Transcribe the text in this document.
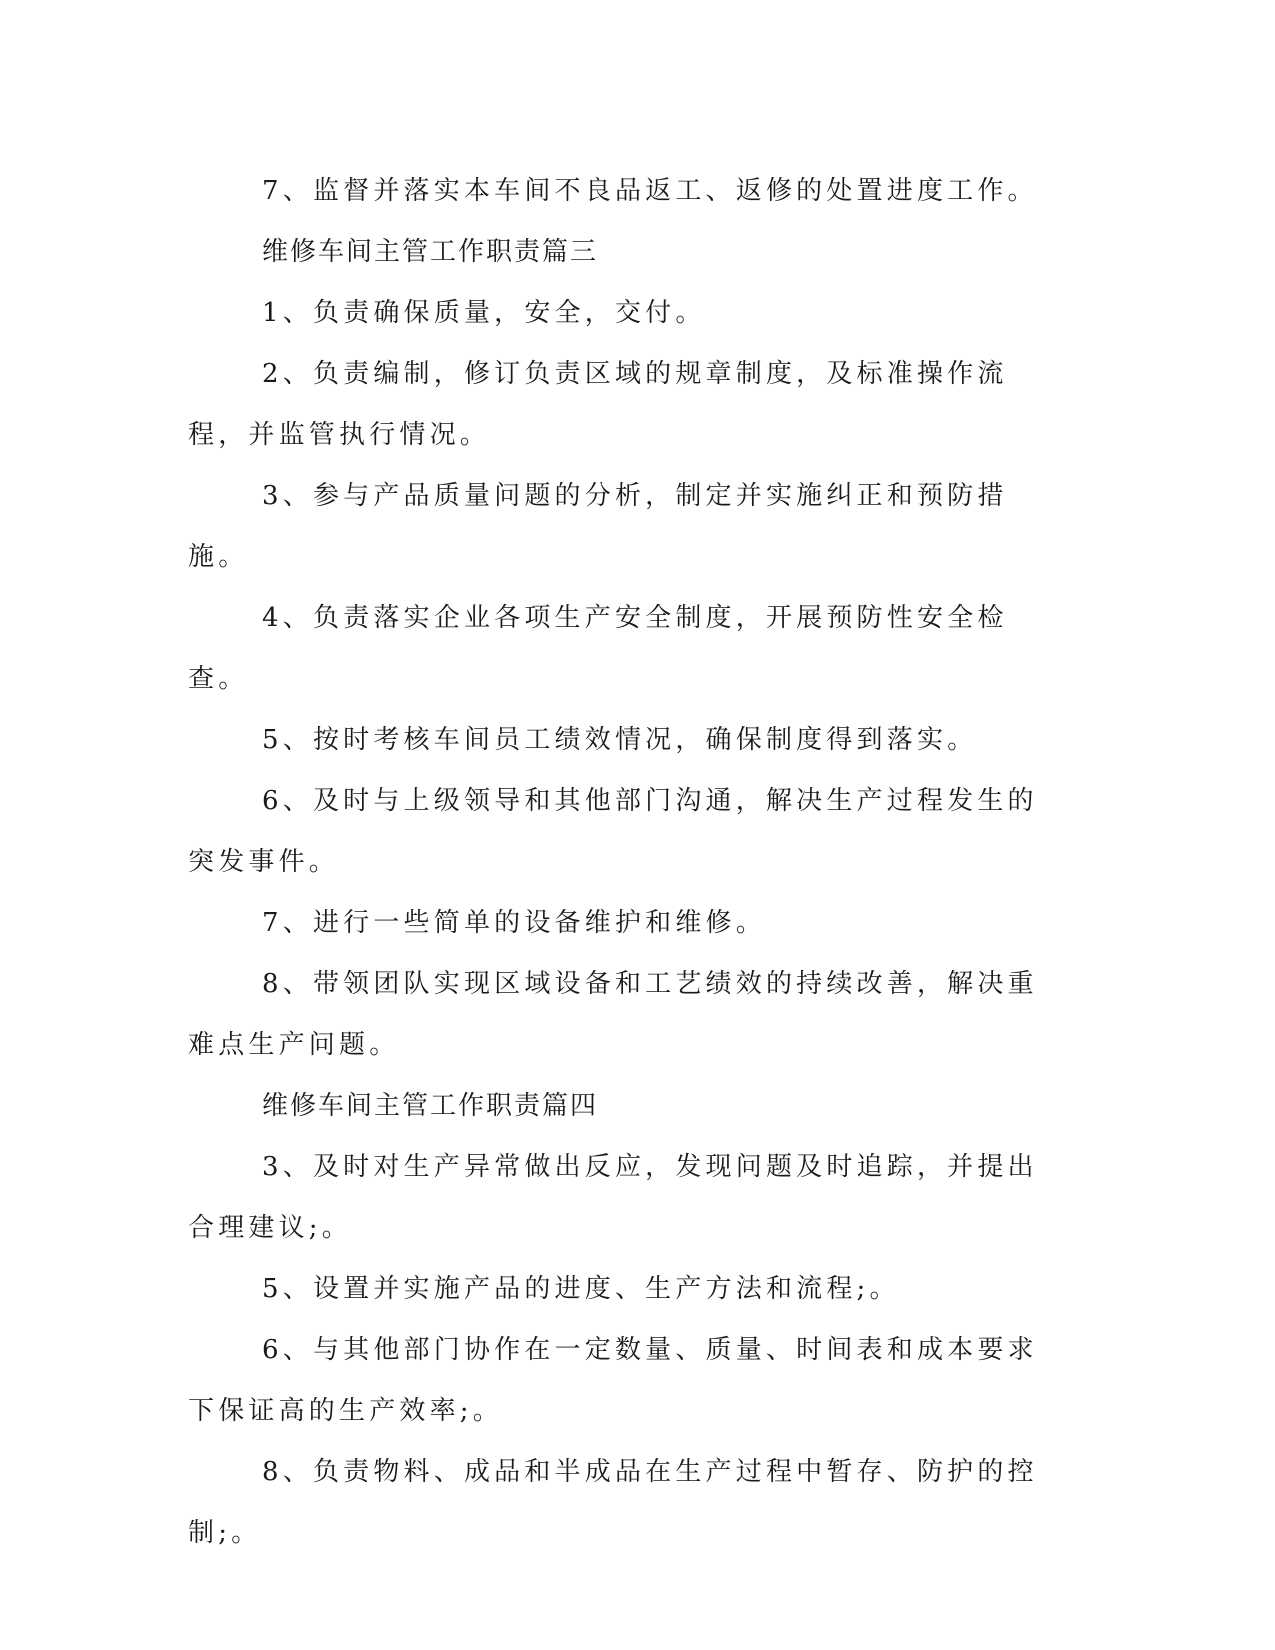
7、监督并落实本车间不良品返工、返修的处置进度工作。

维修车间主管工作职责篇三

1、负责确保质量，安全，交付。

2、负责编制，修订负责区域的规章制度，及标准操作流程，并监管执行情况。

3、参与产品质量问题的分析，制定并实施纠正和预防措施。

4、负责落实企业各项生产安全制度，开展预防性安全检查。

5、按时考核车间员工绩效情况，确保制度得到落实。

6、及时与上级领导和其他部门沟通，解决生产过程发生的突发事件。

7、进行一些简单的设备维护和维修。

8、带领团队实现区域设备和工艺绩效的持续改善，解决重难点生产问题。

维修车间主管工作职责篇四

3、及时对生产异常做出反应，发现问题及时追踪，并提出合理建议;。

5、设置并实施产品的进度、生产方法和流程;。

6、与其他部门协作在一定数量、质量、时间表和成本要求下保证高的生产效率;。

8、负责物料、成品和半成品在生产过程中暂存、防护的控制;。
